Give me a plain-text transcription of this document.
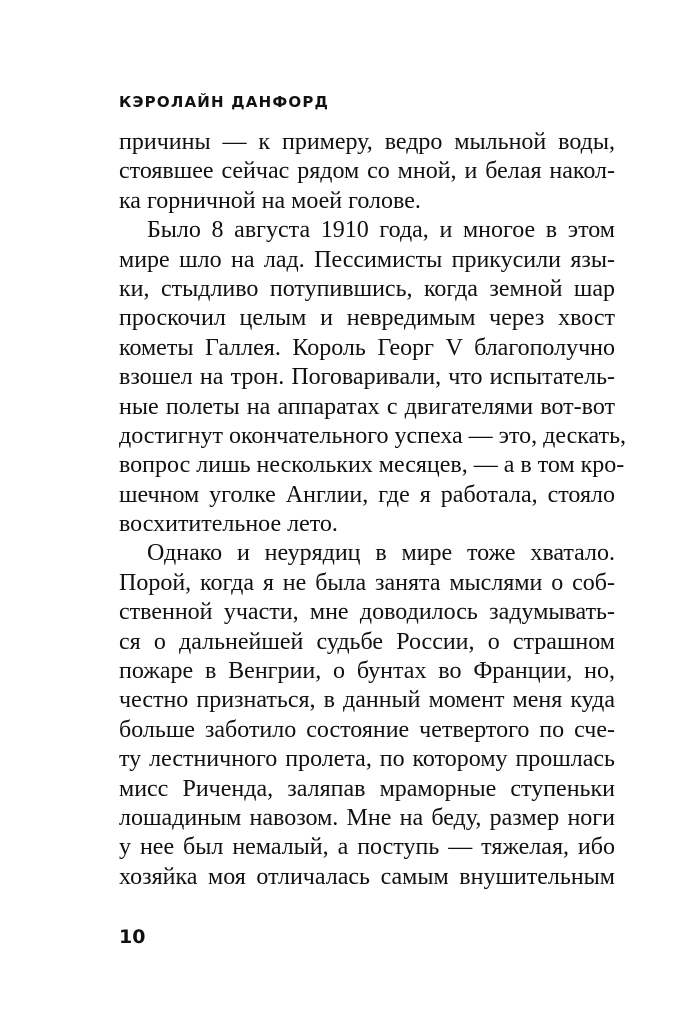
КЭРОЛАЙН ДАНФОРД
причины — к примеру, ведро мыльной воды,
стоявшее сейчас рядом со мной, и белая накол-
ка горничной на моей голове.
Было 8 августа 1910 года, и многое в этом
мире шло на лад. Пессимисты прикусили язы-
ки, стыдливо потупившись, когда земной шар
проскочил целым и невредимым через хвост
кометы Галлея. Король Георг V благополучно
взошел на трон. Поговаривали, что испытатель-
ные полеты на аппаратах с двигателями вот-вот
достигнут окончательного успеха — это, дескать,
вопрос лишь нескольких месяцев, — а в том кро-
шечном уголке Англии, где я работала, стояло
восхитительное лето.
Однако и неурядиц в мире тоже хватало.
Порой, когда я не была занята мыслями о соб-
ственной участи, мне доводилось задумывать-
ся о дальнейшей судьбе России, о страшном
пожаре в Венгрии, о бунтах во Франции, но,
честно признаться, в данный момент меня куда
больше заботило состояние четвертого по сче-
ту лестничного пролета, по которому прошлась
мисс Риченда, заляпав мраморные ступеньки
лошадиным навозом. Мне на беду, размер ноги
у нее был немалый, а поступь — тяжелая, ибо
хозяйка моя отличалась самым внушительным
10
